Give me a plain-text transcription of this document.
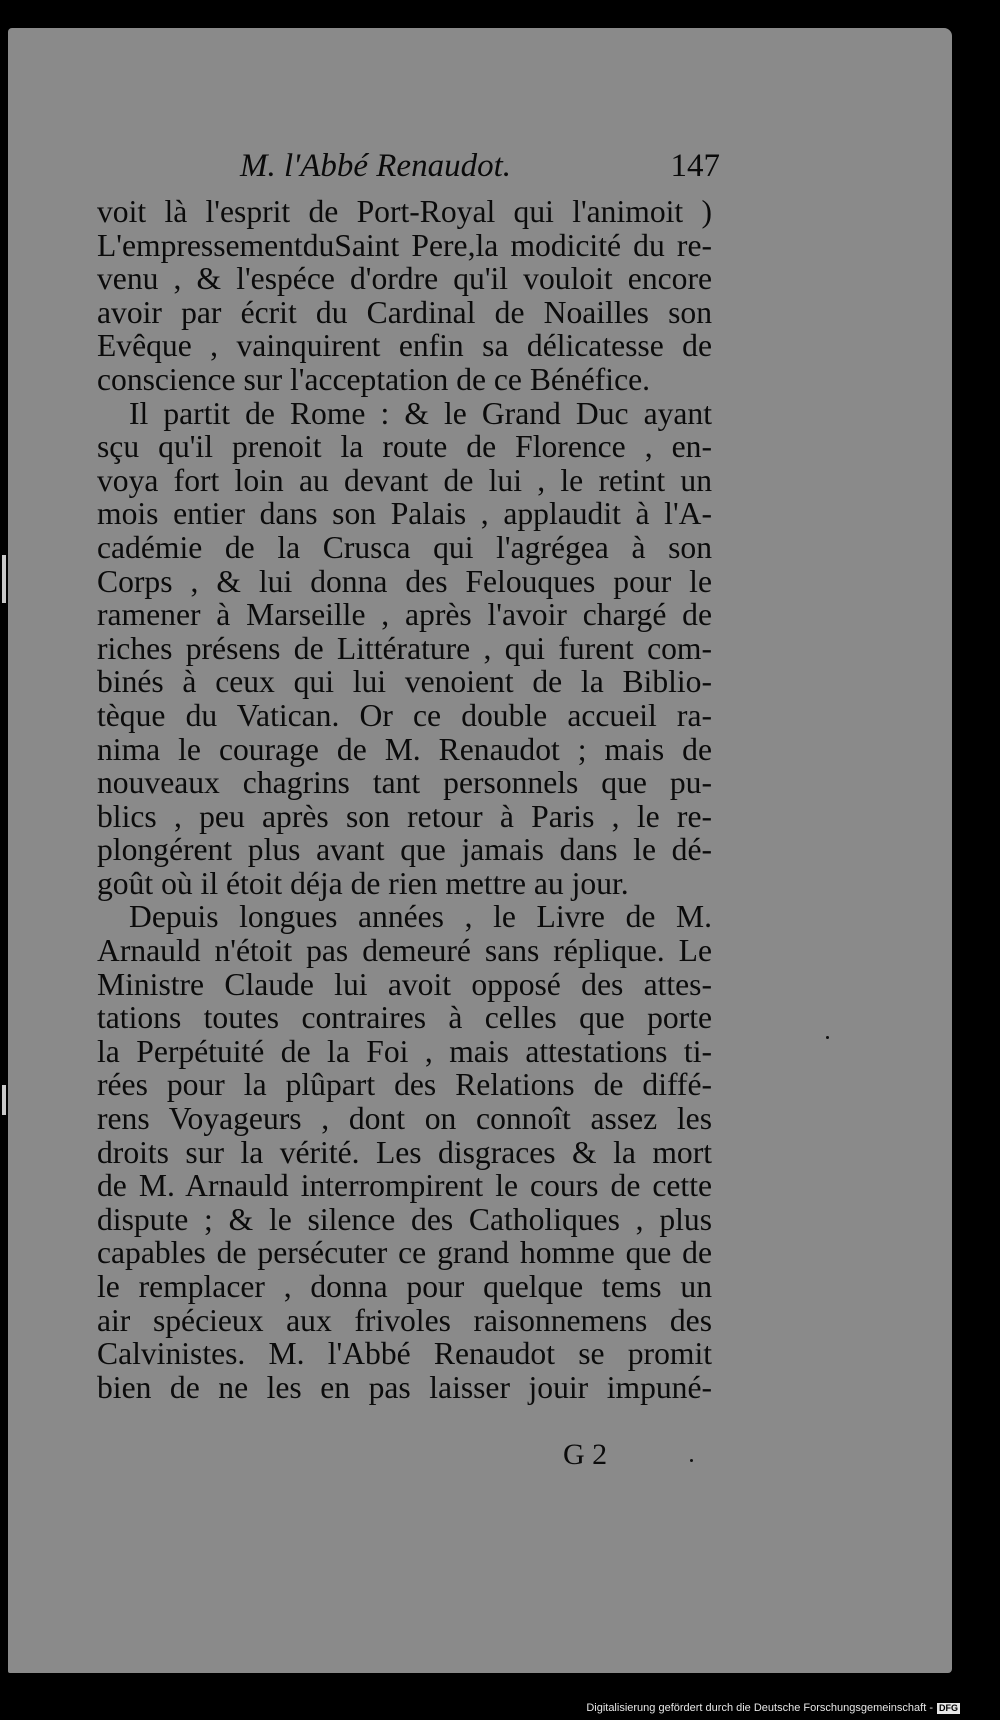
M. l'Abbé Renaudot.	147
voit là l'esprit de Port-Royal qui l'animoit )
L'empressementduSaint Pere,la modicité du re-
venu , & l'espéce d'ordre qu'il vouloit encore
avoir par écrit du Cardinal de Noailles son
Evêque , vainquirent enfin sa délicatesse de
conscience sur l'acceptation de ce Bénéfice.
Il partit de Rome : & le Grand Duc ayant
sçu qu'il prenoit la route de Florence , en-
voya fort loin au devant de lui , le retint un
mois entier dans son Palais , applaudit à l'A-
cadémie de la Crusca qui l'agrégea à son
Corps , & lui donna des Felouques pour le
ramener à Marseille , après l'avoir chargé de
riches présens de Littérature , qui furent com-
binés à ceux qui lui venoient de la Biblio-
tèque du Vatican. Or ce double accueil ra-
nima le courage de M. Renaudot ; mais de
nouveaux chagrins tant personnels que pu-
blics , peu après son retour à Paris , le re-
plongérent plus avant que jamais dans le dé-
goût où il étoit déja de rien mettre au jour.
Depuis longues années , le Livre de M.
Arnauld n'étoit pas demeuré sans réplique. Le
Ministre Claude lui avoit opposé des attes-
tations toutes contraires à celles que porte
la Perpétuité de la Foi , mais attestations ti-
rées pour la plûpart des Relations de diffé-
rens Voyageurs , dont on connoît assez les
droits sur la vérité. Les disgraces & la mort
de M. Arnauld interrompirent le cours de cette
dispute ; & le silence des Catholiques , plus
capables de persécuter ce grand homme que de
le remplacer , donna pour quelque tems un
air spécieux aux frivoles raisonnemens des
Calvinistes. M. l'Abbé Renaudot se promit
bien de ne les en pas laisser jouir impuné-
G 2
Digitalisierung gefördert durch die Deutsche Forschungsgemeinschaft - DFG
